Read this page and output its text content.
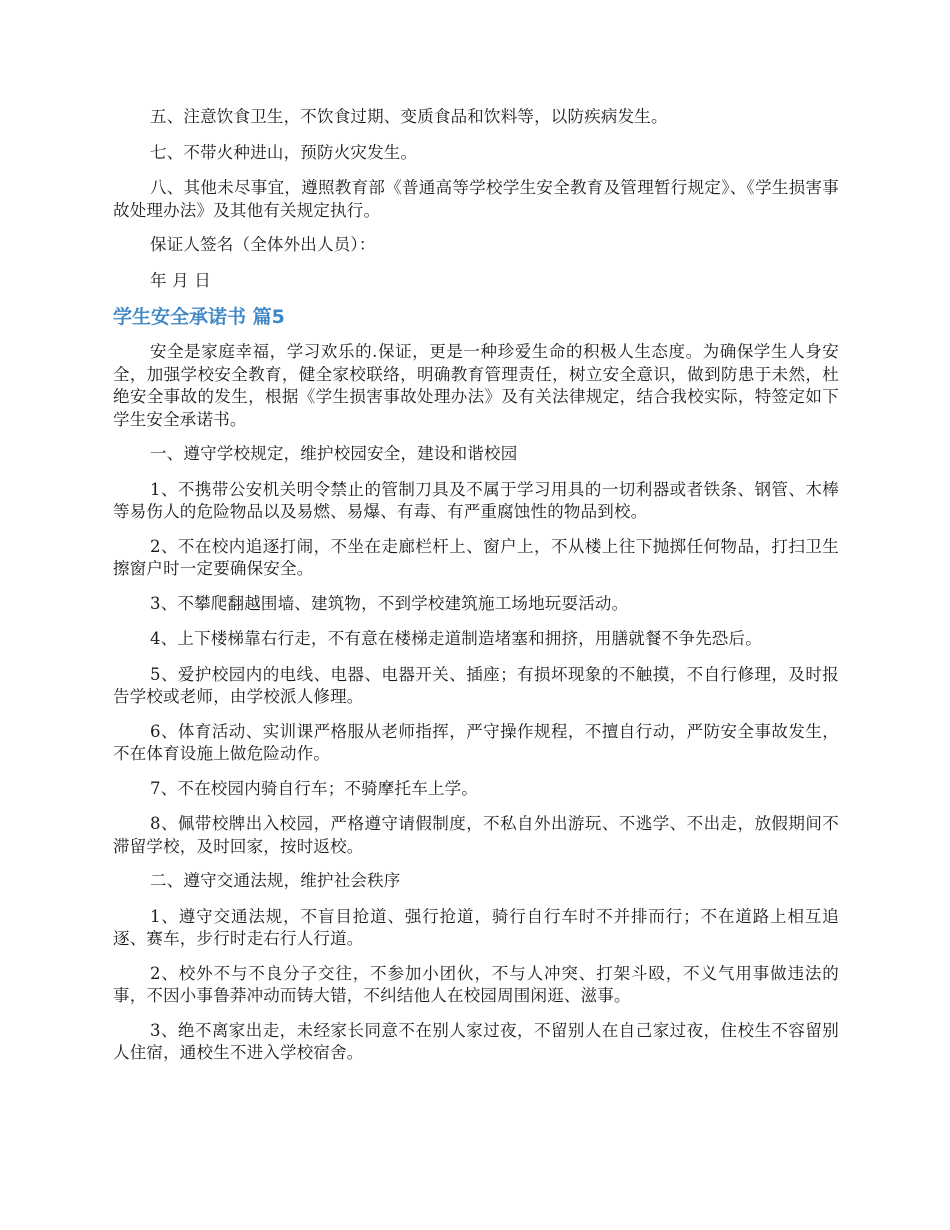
五、注意饮食卫生，不饮食过期、变质食品和饮料等，以防疾病发生。

七、不带火种进山，预防火灾发生。

八、其他未尽事宜，遵照教育部《普通高等学校学生安全教育及管理暂行规定》、《学生损害事故处理办法》及其他有关规定执行。

保证人签名（全体外出人员）：

年 月 日

学生安全承诺书 篇5

安全是家庭幸福，学习欢乐的.保证，更是一种珍爱生命的积极人生态度。为确保学生人身安全，加强学校安全教育，健全家校联络，明确教育管理责任，树立安全意识，做到防患于未然，杜绝安全事故的发生，根据《学生损害事故处理办法》及有关法律规定，结合我校实际，特签定如下学生安全承诺书。

一、遵守学校规定，维护校园安全，建设和谐校园

1、不携带公安机关明令禁止的管制刀具及不属于学习用具的一切利器或者铁条、钢管、木棒等易伤人的危险物品以及易燃、易爆、有毒、有严重腐蚀性的物品到校。

2、不在校内追逐打闹，不坐在走廊栏杆上、窗户上，不从楼上往下抛掷任何物品，打扫卫生擦窗户时一定要确保安全。

3、不攀爬翻越围墙、建筑物，不到学校建筑施工场地玩耍活动。

4、上下楼梯靠右行走，不有意在楼梯走道制造堵塞和拥挤，用膳就餐不争先恐后。

5、爱护校园内的电线、电器、电器开关、插座；有损坏现象的不触摸，不自行修理，及时报告学校或老师，由学校派人修理。

6、体育活动、实训课严格服从老师指挥，严守操作规程，不擅自行动，严防安全事故发生，不在体育设施上做危险动作。

7、不在校园内骑自行车；不骑摩托车上学。

8、佩带校牌出入校园，严格遵守请假制度，不私自外出游玩、不逃学、不出走，放假期间不滞留学校，及时回家，按时返校。

二、遵守交通法规，维护社会秩序

1、遵守交通法规，不盲目抢道、强行抢道，骑行自行车时不并排而行；不在道路上相互追逐、赛车，步行时走右行人行道。

2、校外不与不良分子交往，不参加小团伙，不与人冲突、打架斗殴，不义气用事做违法的事，不因小事鲁莽冲动而铸大错，不纠结他人在校园周围闲逛、滋事。

3、绝不离家出走，未经家长同意不在别人家过夜，不留别人在自己家过夜，住校生不容留别人住宿，通校生不进入学校宿舍。
